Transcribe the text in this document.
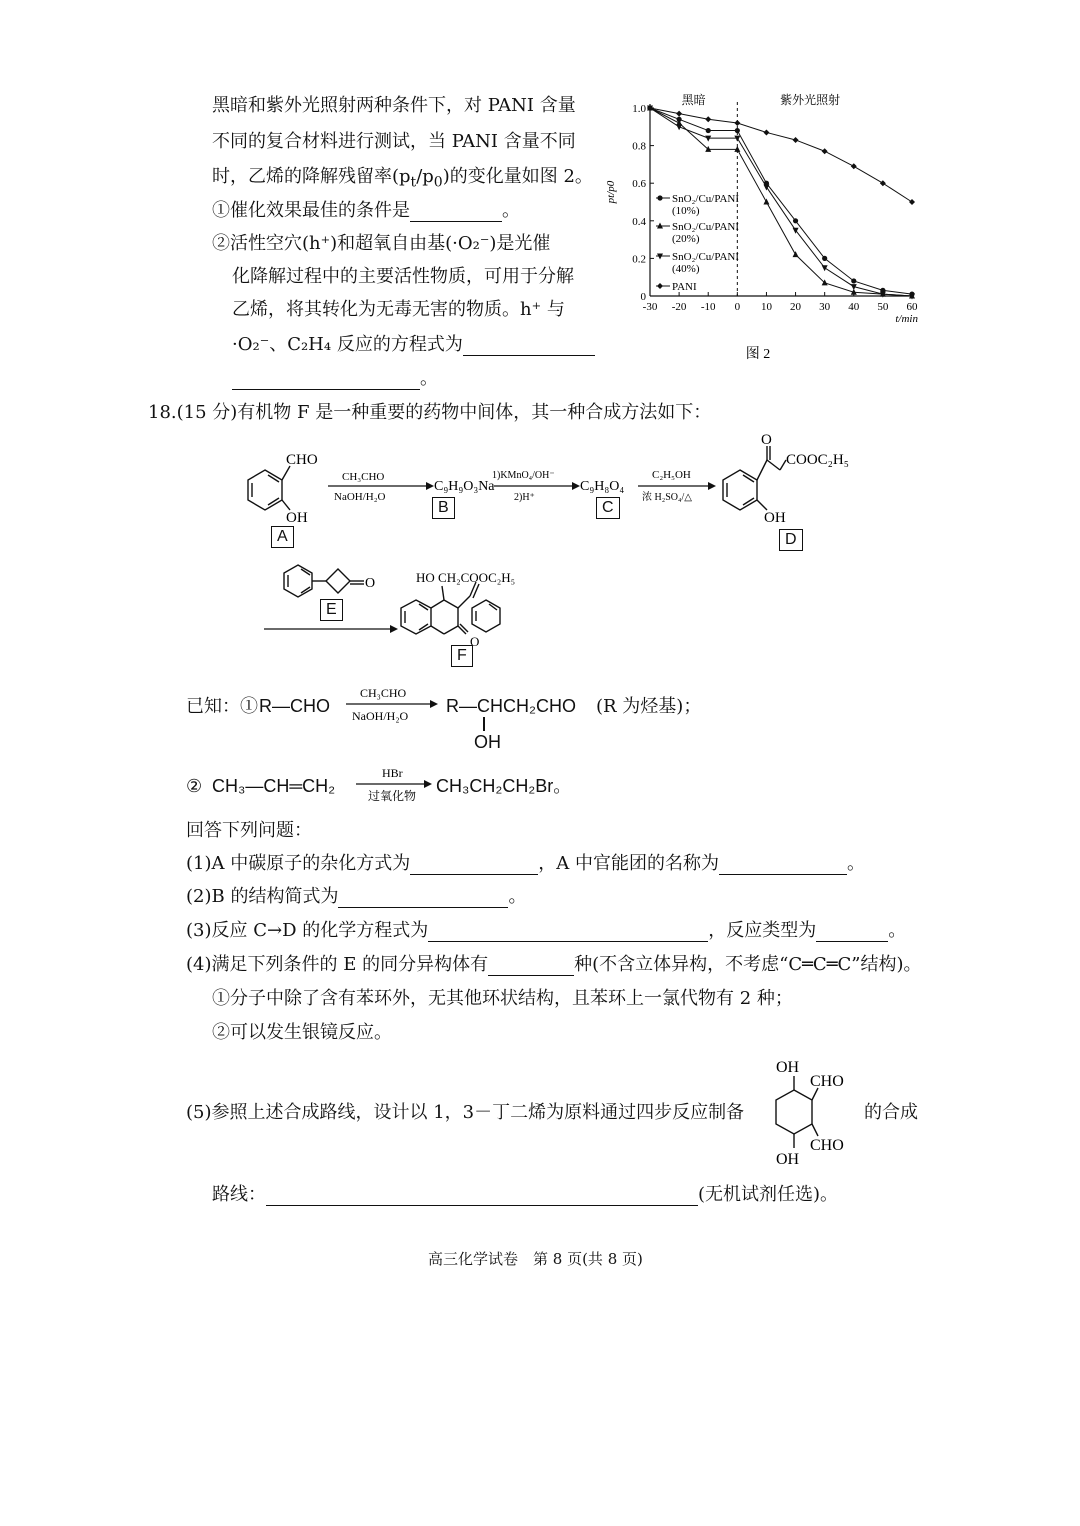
黑暗和紫外光照射两种条件下，对 PANI 含量
不同的复合材料进行测试，当 PANI 含量不同
时，乙烯的降解残留率$(p_t/p_0)$的变化量如图 2。
①催化效果最佳的条件是	。
②活性空穴(h⁺)和超氧自由基(·O₂⁻)是光催
化降解过程中的主要活性物质，可用于分解
乙烯，将其转化为无毒无害的物质。h⁺ 与
·O₂⁻、C₂H₄ 反应的方程式为
。
-30 -20 -10 0 10 20 30 40 50 60
0
0.2
0.4
0.6
0.8
1.0
t/min
pt/p0
黑暗	紫外光照射
图 2
SnO₂/Cu/PANI
(10%)
SnO₂/Cu/PANI
(20%)
SnO₂/Cu/PANI
(40%)
PANI
18.(15 分)有机物 F 是一种重要的药物中间体，其一种合成方法如下：
CHO
OH
CH₃CHO
NaOH/H₂O
C₉H₉O₃Na
1)KMnO₄/OH⁻
2)H⁺
C₉H₈O₄
C₂H₅OH
浓 H₂SO₄/△
O
COOC₂H₅
OH
O	HO CH₂COOC₂H₅
O
A
B	C
D
E
F
已知：① R—CHO
CH₃CHO
NaOH/H₂O R—CHCH₂CHO (R 为烃基)；
OH
② CH₃—CH═CH₂
HBr
过氧化物 CH₃CH₂CH₂Br。
回答下列问题：
(1)A 中碳原子的杂化方式为	，A 中官能团的名称为	。
(2)B 的结构简式为	。
(3)反应 C→D 的化学方程式为	，反应类型为	。
(4)满足下列条件的 E 的同分异构体有	种(不含立体异构，不考虑“C═C═C”结构)。
①分子中除了含有苯环外，无其他环状结构，且苯环上一氯代物有 2 种；
②可以发生银镜反应。
(5)参照上述合成路线，设计以 1，3－丁二烯为原料通过四步反应制备
OH
CHO
CHO
OH
的合成
路线：	(无机试剂任选)。
高三化学试卷　第 8 页(共 8 页)
